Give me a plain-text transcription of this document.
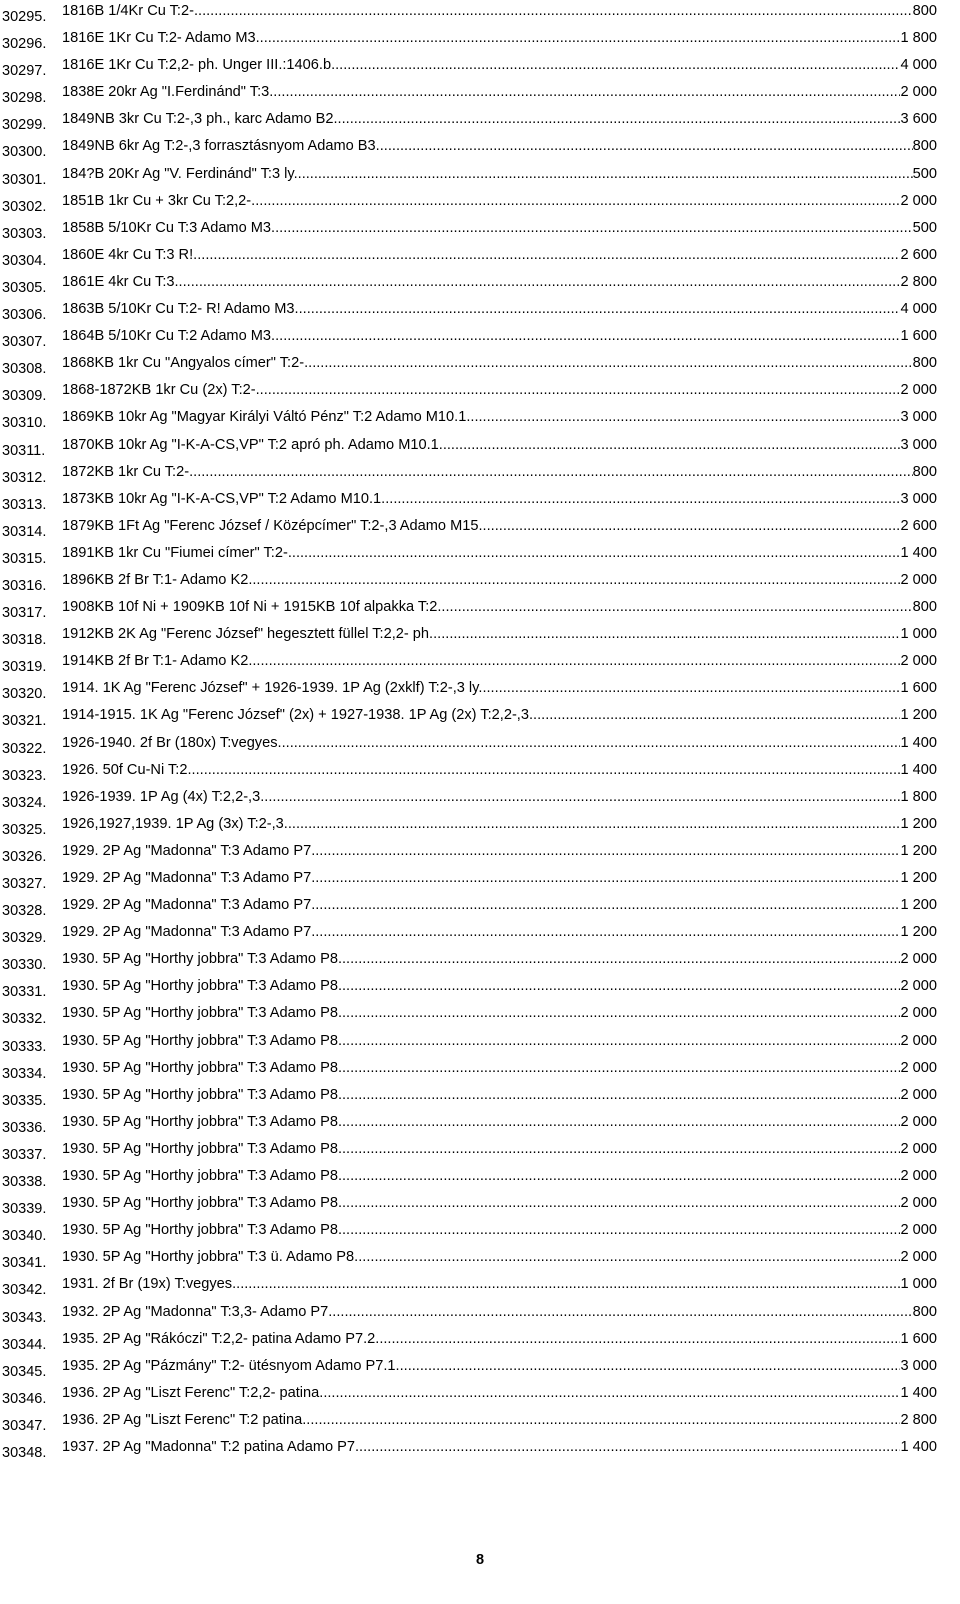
30295. 1816B 1/4Kr Cu T:2- .....	800
30296. 1816E 1Kr Cu T:2- Adamo M3 .....	1 800
30297. 1816E 1Kr Cu T:2,2- ph. Unger III.:1406.b .....	4 000
30298. 1838E 20kr Ag "I.Ferdinánd" T:3 .....	2 000
30299. 1849NB 3kr Cu T:2-,3 ph., karc Adamo B2 .....	3 600
30300. 1849NB 6kr Ag T:2-,3 forrasztásnyom Adamo B3 .....	800
30301. 184?B 20Kr Ag "V. Ferdinánd" T:3 ly. .....	500
30302. 1851B 1kr Cu + 3kr Cu T:2,2- .....	2 000
30303. 1858B 5/10Kr Cu T:3 Adamo M3 .....	500
30304. 1860E 4kr Cu T:3 R! .....	2 600
30305. 1861E 4kr Cu T:3 .....	2 800
30306. 1863B 5/10Kr Cu T:2- R! Adamo M3 .....	4 000
30307. 1864B 5/10Kr Cu T:2 Adamo M3 .....	1 600
30308. 1868KB 1kr Cu "Angyalos címer" T:2- .....	800
30309. 1868-1872KB 1kr Cu (2x) T:2- .....	2 000
30310. 1869KB 10kr Ag "Magyar Királyi Váltó Pénz" T:2 Adamo M10.1 .....	3 000
30311. 1870KB 10kr Ag "I-K-A-CS,VP" T:2 apró ph. Adamo M10.1 .....	3 000
30312. 1872KB 1kr Cu T:2- .....	800
30313. 1873KB 10kr Ag "I-K-A-CS,VP" T:2 Adamo M10.1 .....	3 000
30314. 1879KB 1Ft Ag "Ferenc József / Középcímer" T:2-,3 Adamo M15 .....	2 600
30315. 1891KB 1kr Cu "Fiumei címer" T:2- .....	1 400
30316. 1896KB 2f Br T:1- Adamo K2 .....	2 000
30317. 1908KB 10f Ni + 1909KB 10f Ni + 1915KB 10f alpakka T:2 .....	800
30318. 1912KB 2K Ag "Ferenc József" hegesztett füllel T:2,2- ph. .....	1 000
30319. 1914KB 2f Br T:1- Adamo K2 .....	2 000
30320. 1914. 1K Ag "Ferenc József" + 1926-1939. 1P Ag (2xklf) T:2-,3 ly. .....	1 600
30321. 1914-1915. 1K Ag "Ferenc József" (2x) + 1927-1938. 1P Ag (2x) T:2,2-,3 .....	1 200
30322. 1926-1940. 2f Br (180x) T:vegyes .....	1 400
30323. 1926. 50f Cu-Ni T:2 .....	1 400
30324. 1926-1939. 1P Ag (4x) T:2,2-,3 .....	1 800
30325. 1926,1927,1939. 1P Ag (3x) T:2-,3 .....	1 200
30326. 1929. 2P Ag "Madonna" T:3 Adamo P7 .....	1 200
30327. 1929. 2P Ag "Madonna" T:3 Adamo P7 .....	1 200
30328. 1929. 2P Ag "Madonna" T:3 Adamo P7 .....	1 200
30329. 1929. 2P Ag "Madonna" T:3 Adamo P7 .....	1 200
30330. 1930. 5P Ag "Horthy jobbra" T:3 Adamo P8 .....	2 000
30331. 1930. 5P Ag "Horthy jobbra" T:3 Adamo P8 .....	2 000
30332. 1930. 5P Ag "Horthy jobbra" T:3 Adamo P8 .....	2 000
30333. 1930. 5P Ag "Horthy jobbra" T:3 Adamo P8 .....	2 000
30334. 1930. 5P Ag "Horthy jobbra" T:3 Adamo P8 .....	2 000
30335. 1930. 5P Ag "Horthy jobbra" T:3 Adamo P8 .....	2 000
30336. 1930. 5P Ag "Horthy jobbra" T:3 Adamo P8 .....	2 000
30337. 1930. 5P Ag "Horthy jobbra" T:3 Adamo P8 .....	2 000
30338. 1930. 5P Ag "Horthy jobbra" T:3 Adamo P8 .....	2 000
30339. 1930. 5P Ag "Horthy jobbra" T:3 Adamo P8 .....	2 000
30340. 1930. 5P Ag "Horthy jobbra" T:3 Adamo P8 .....	2 000
30341. 1930. 5P Ag "Horthy jobbra" T:3 ü. Adamo P8 .....	2 000
30342. 1931. 2f Br (19x) T:vegyes .....	1 000
30343. 1932. 2P Ag "Madonna" T:3,3- Adamo P7. .....	800
30344. 1935. 2P Ag "Rákóczi" T:2,2- patina Adamo P7.2 .....	1 600
30345. 1935. 2P Ag "Pázmány" T:2- ütésnyom Adamo P7.1 .....	3 000
30346. 1936. 2P Ag "Liszt Ferenc" T:2,2- patina .....	1 400
30347. 1936. 2P Ag "Liszt Ferenc" T:2 patina .....	2 800
30348. 1937. 2P Ag "Madonna" T:2 patina Adamo P7 .....	1 400
8
